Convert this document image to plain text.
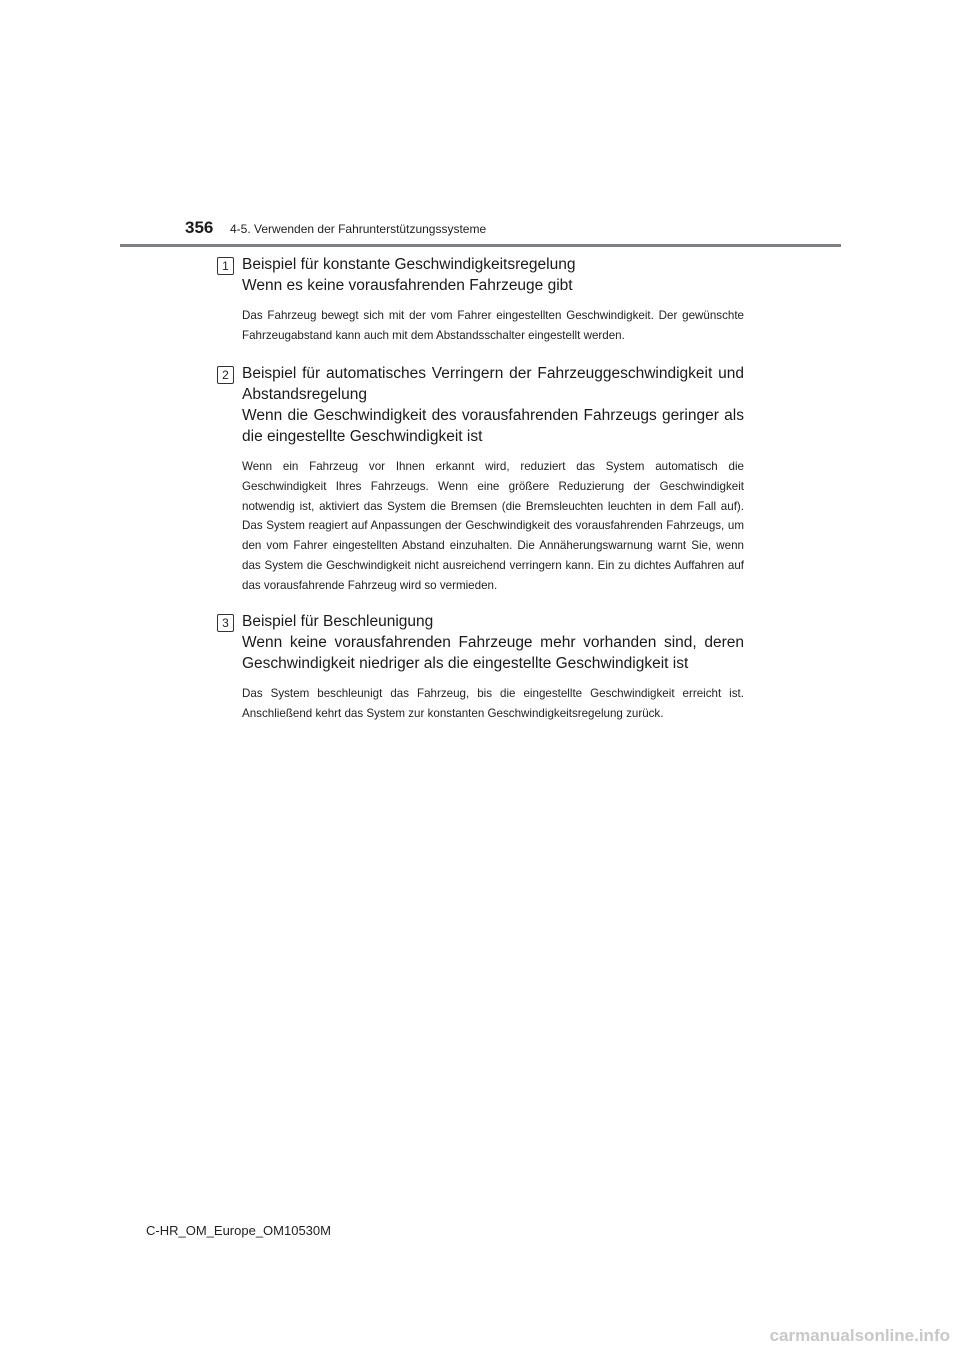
356 4-5. Verwenden der Fahrunterstützungssysteme
1 Beispiel für konstante Geschwindigkeitsregelung
Wenn es keine vorausfahrenden Fahrzeuge gibt
Das Fahrzeug bewegt sich mit der vom Fahrer eingestellten Geschwindigkeit. Der gewünschte Fahrzeugabstand kann auch mit dem Abstandsschalter eingestellt werden.
2 Beispiel für automatisches Verringern der Fahrzeuggeschwindigkeit und Abstandsregelung
Wenn die Geschwindigkeit des vorausfahrenden Fahrzeugs geringer als die eingestellte Geschwindigkeit ist
Wenn ein Fahrzeug vor Ihnen erkannt wird, reduziert das System automatisch die Geschwindigkeit Ihres Fahrzeugs. Wenn eine größere Reduzierung der Geschwindigkeit notwendig ist, aktiviert das System die Bremsen (die Bremsleuchten leuchten in dem Fall auf). Das System reagiert auf Anpassungen der Geschwindigkeit des vorausfahrenden Fahrzeugs, um den vom Fahrer eingestellten Abstand einzuhalten. Die Annäherungswarnung warnt Sie, wenn das System die Geschwindigkeit nicht ausreichend verringern kann. Ein zu dichtes Auffahren auf das vorausfahrende Fahrzeug wird so vermieden.
3 Beispiel für Beschleunigung
Wenn keine vorausfahrenden Fahrzeuge mehr vorhanden sind, deren Geschwindigkeit niedriger als die eingestellte Geschwindigkeit ist
Das System beschleunigt das Fahrzeug, bis die eingestellte Geschwindigkeit erreicht ist. Anschließend kehrt das System zur konstanten Geschwindigkeitsregelung zurück.
C-HR_OM_Europe_OM10530M
carmanualsonline.info
